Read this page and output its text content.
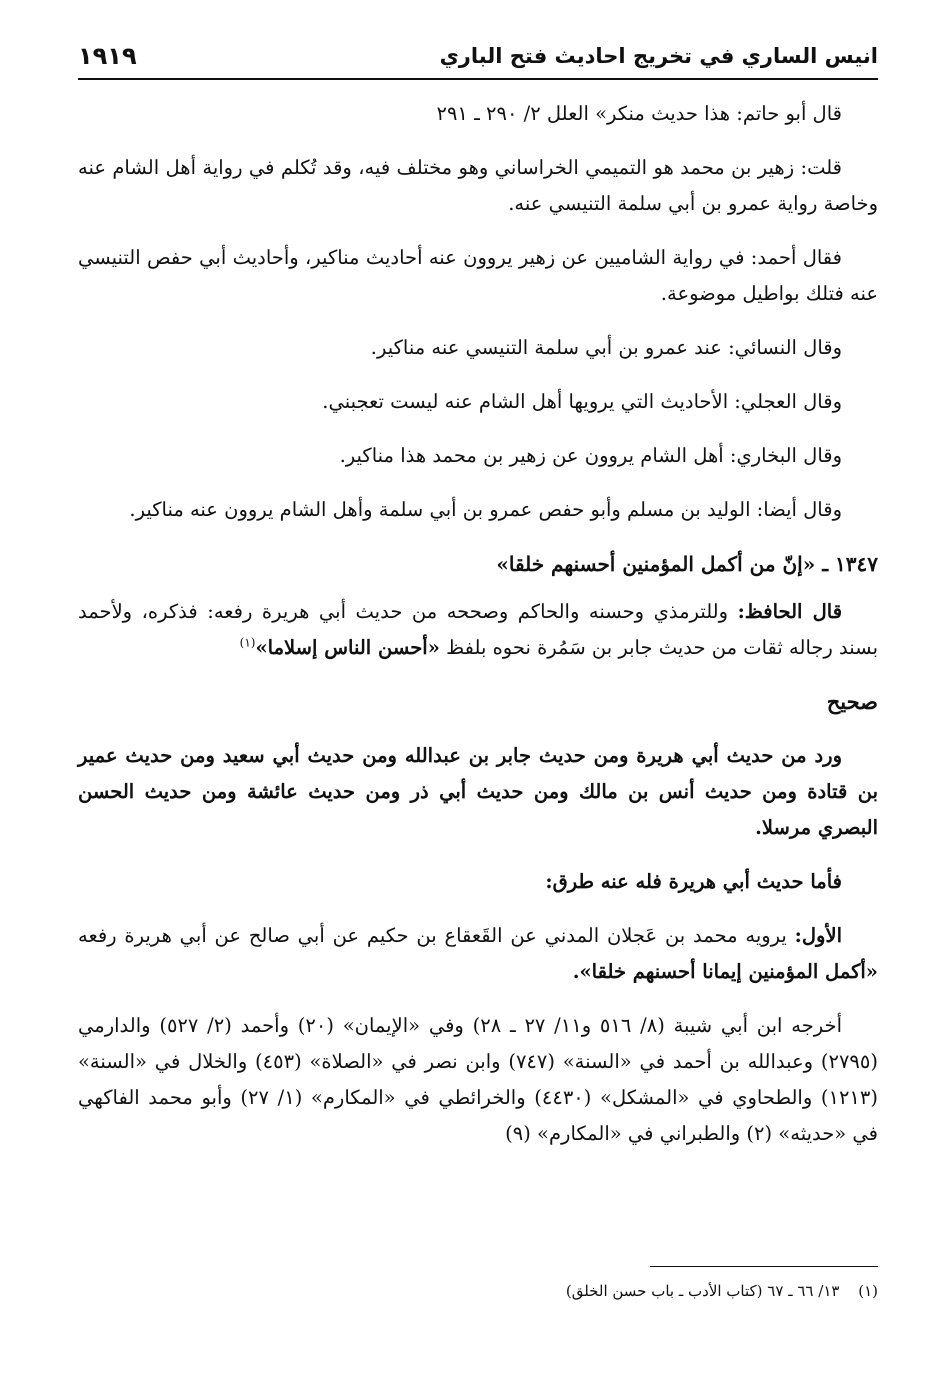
انيس الساري في تخريج احاديث فتح الباري
١٩١٩

قال أبو حاتم: هذا حديث منكر» العلل ٢/ ٢٩٠ ـ ٢٩١

قلت: زهير بن محمد هو التميمي الخراساني وهو مختلف فيه، وقد تُكلم في رواية أهل الشام عنه وخاصة رواية عمرو بن أبي سلمة التنيسي عنه.

فقال أحمد: في رواية الشاميين عن زهير يروون عنه أحاديث مناكير، وأحاديث أبي حفص التنيسي عنه فتلك بواطيل موضوعة.

وقال النسائي: عند عمرو بن أبي سلمة التنيسي عنه مناكير.

وقال العجلي: الأحاديث التي يرويها أهل الشام عنه ليست تعجبني.

وقال البخاري: أهل الشام يروون عن زهير بن محمد هذا مناكير.

وقال أيضا: الوليد بن مسلم وأبو حفص عمرو بن أبي سلمة وأهل الشام يروون عنه مناكير.

١٣٤٧ ـ «إنّ من أكمل المؤمنين أحسنهم خلقا»

قال الحافظ: وللترمذي وحسنه والحاكم وصححه من حديث أبي هريرة رفعه: فذكره، ولأحمد بسند رجاله ثقات من حديث جابر بن سَمُرة نحوه بلفظ «أحسن الناس إسلاما»$^{(١)}$

صحيح

ورد من حديث أبي هريرة ومن حديث جابر بن عبدالله ومن حديث أبي سعيد ومن حديث عمير بن قتادة ومن حديث أنس بن مالك ومن حديث أبي ذر ومن حديث عائشة ومن حديث الحسن البصري مرسلا.

فأما حديث أبي هريرة فله عنه طرق:

الأول: يرويه محمد بن عَجلان المدني عن القَعقاع بن حكيم عن أبي صالح عن أبي هريرة رفعه «أكمل المؤمنين إيمانا أحسنهم خلقا».

أخرجه ابن أبي شيبة (٨/ ٥١٦ و١١/ ٢٧ ـ ٢٨) وفي «الإيمان» (٢٠) وأحمد (٢/ ٥٢٧) والدارمي (٢٧٩٥) وعبدالله بن أحمد في «السنة» (٧٤٧) وابن نصر في «الصلاة» (٤٥٣) والخلال في «السنة» (١٢١٣) والطحاوي في «المشكل» (٤٤٣٠) والخرائطي في «المكارم» (١/ ٢٧) وأبو محمد الفاكهي في «حديثه» (٢) والطبراني في «المكارم» (٩)

(١) ١٣/ ٦٦ ـ ٦٧ (كتاب الأدب ـ باب حسن الخلق)
